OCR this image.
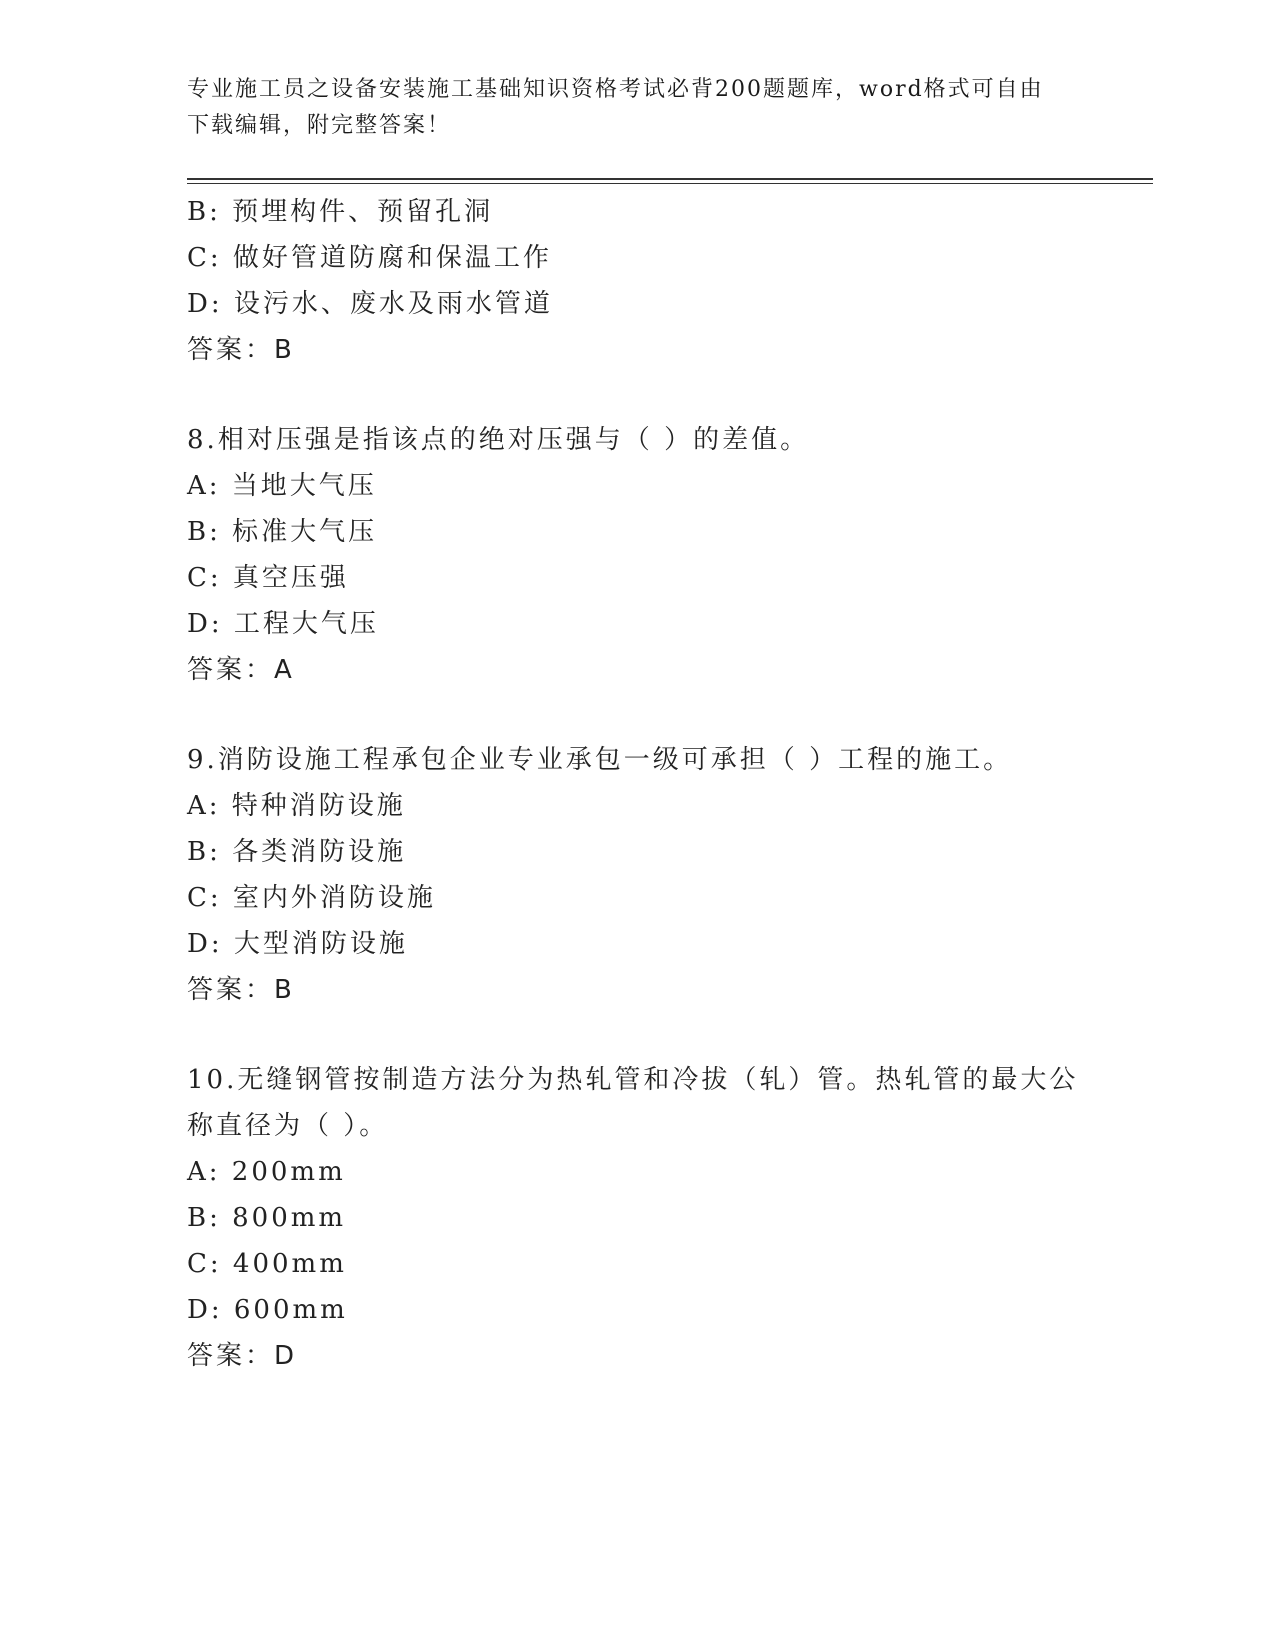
专业施工员之设备安装施工基础知识资格考试必背200题题库，word格式可自由
下载编辑，附完整答案！
B: 预埋构件、预留孔洞
C: 做好管道防腐和保温工作
D: 设污水、废水及雨水管道
答案：B
8.相对压强是指该点的绝对压强与（ ）的差值。
A: 当地大气压
B: 标准大气压
C: 真空压强
D: 工程大气压
答案：A
9.消防设施工程承包企业专业承包一级可承担（ ）工程的施工。
A: 特种消防设施
B: 各类消防设施
C: 室内外消防设施
D: 大型消防设施
答案：B
10.无缝钢管按制造方法分为热轧管和冷拔（轧）管。热轧管的最大公
称直径为（ ）。
A: 200mm
B: 800mm
C: 400mm
D: 600mm
答案：D
